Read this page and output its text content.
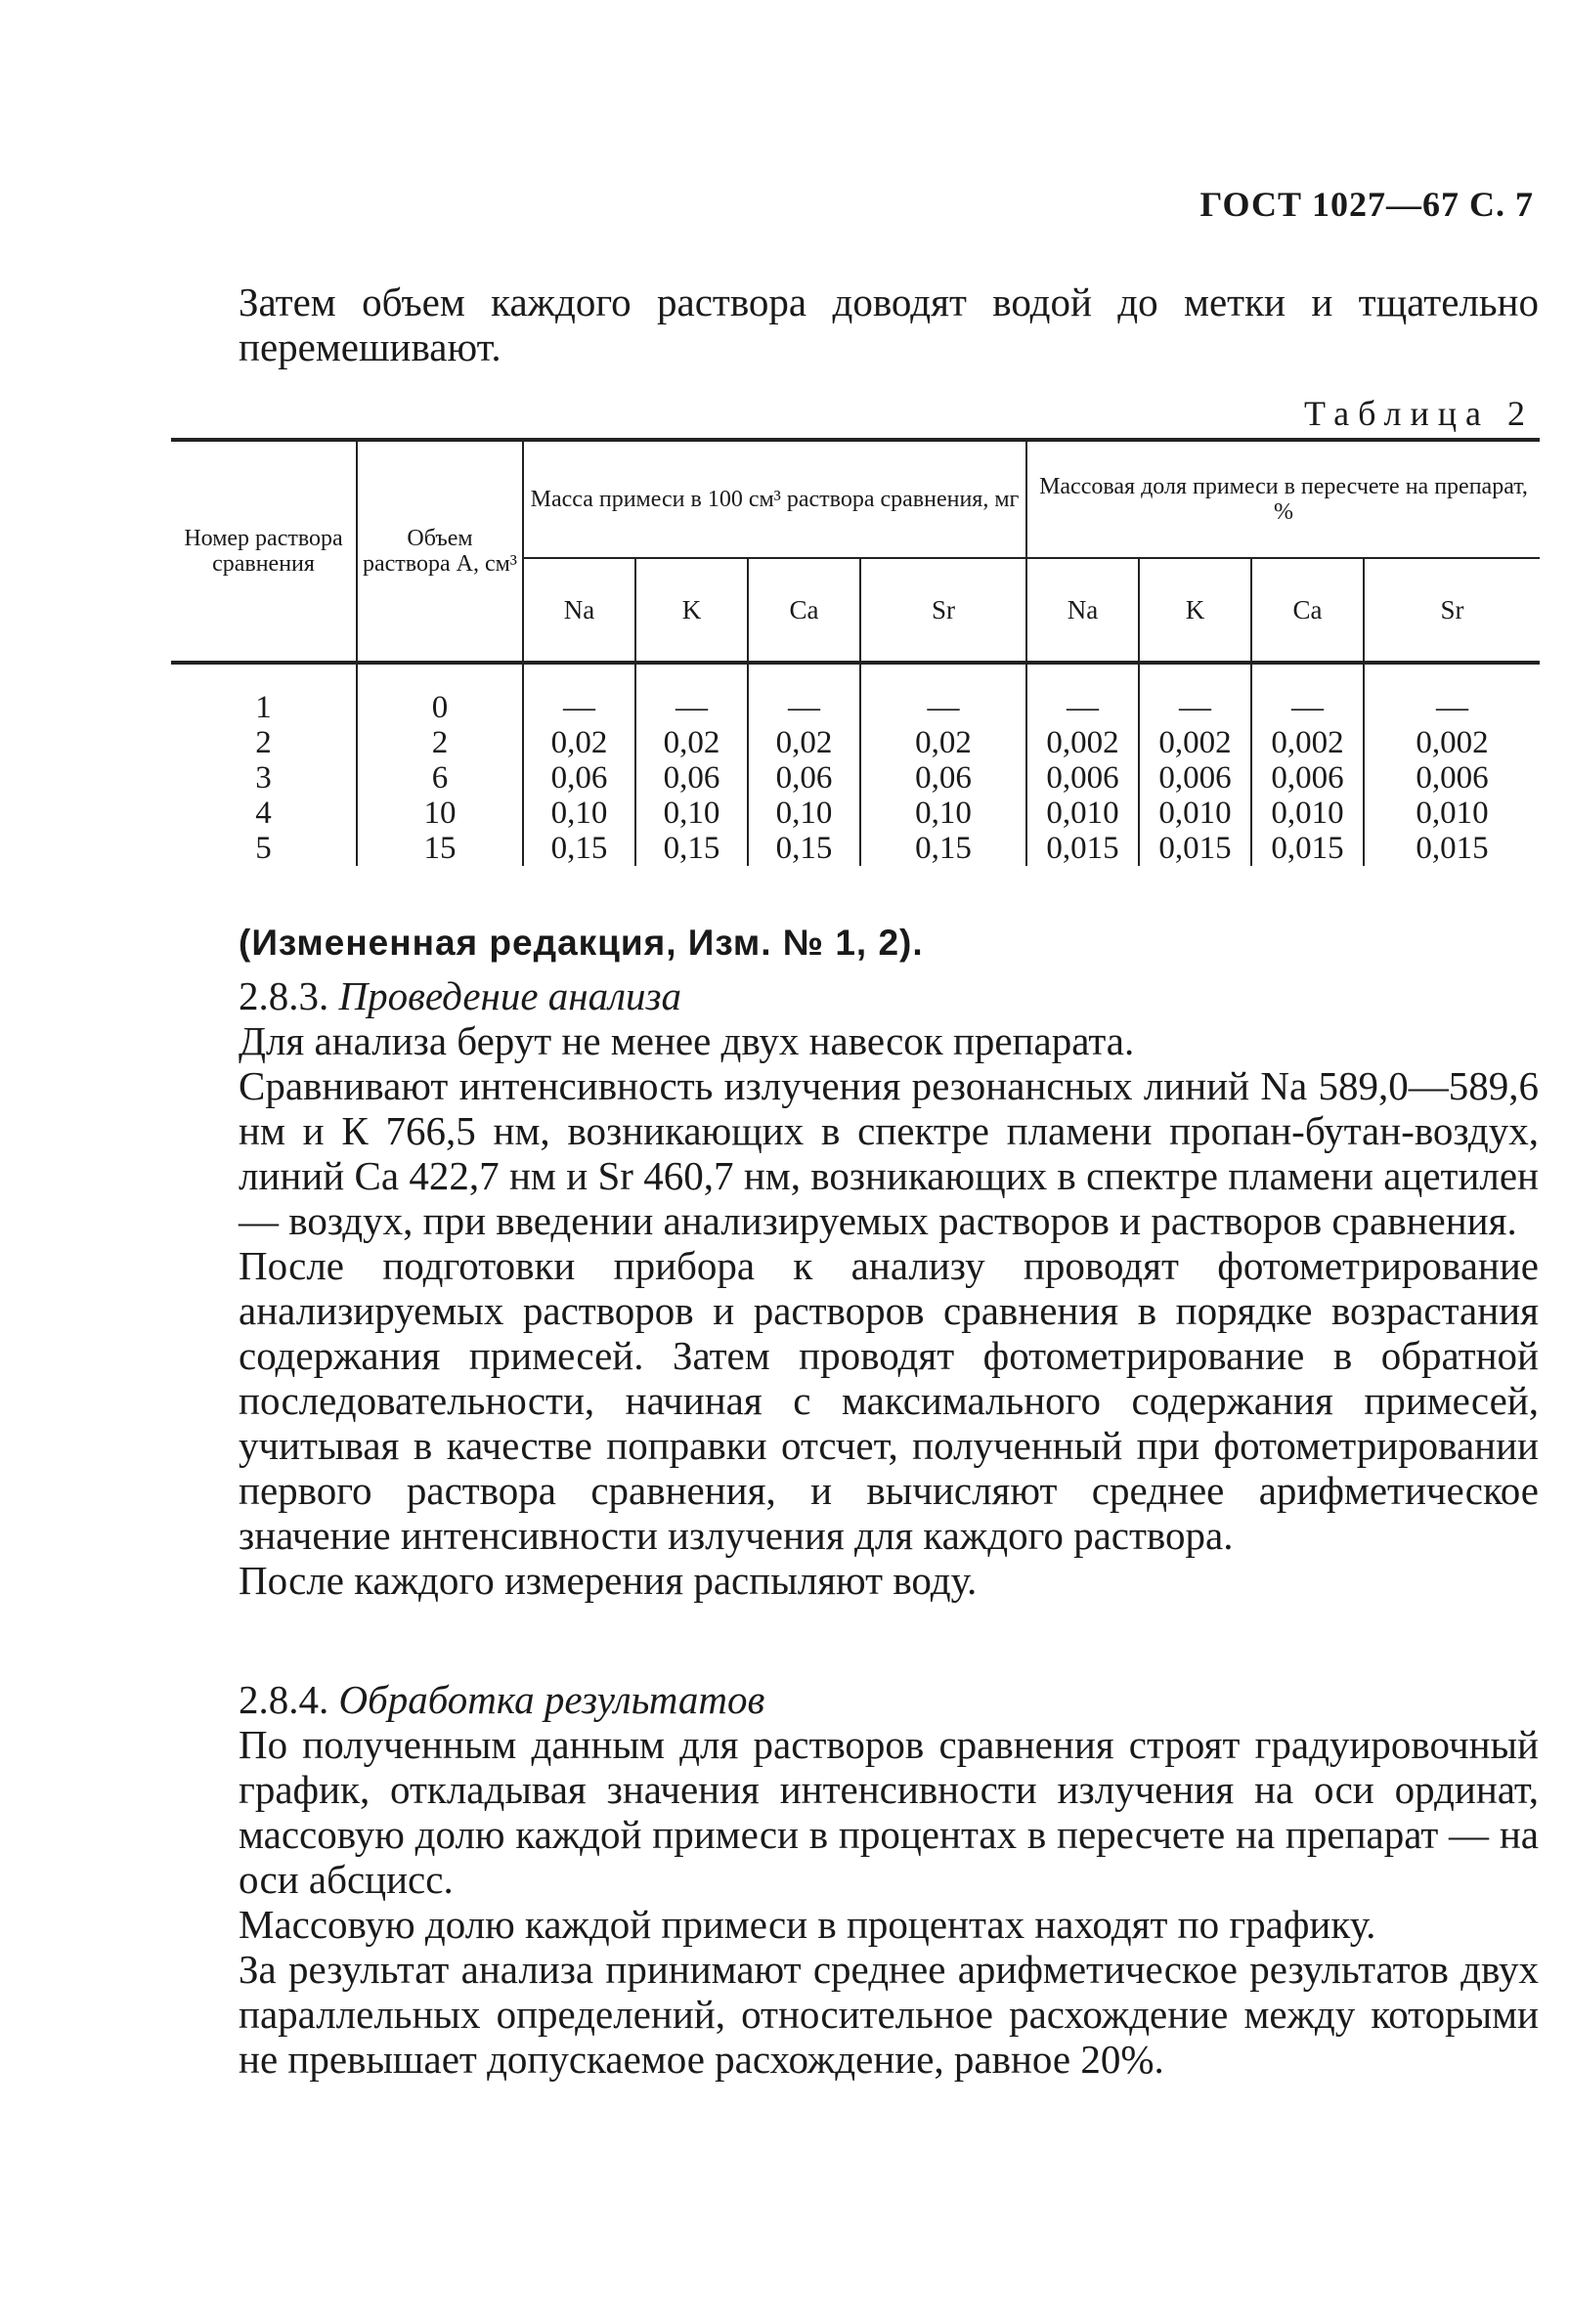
ГОСТ 1027—67 С. 7
Затем объем каждого раствора доводят водой до метки и тщательно перемешивают.
Таблица 2
Номер раствора сравнения	Объем раствора А, см³	Масса примеси в 100 см³ раствора сравнения, мг				Массовая доля примеси в пересчете на препарат, %			
		Na	K	Ca	Sr	Na	K	Ca	Sr
1	0	—	—	—	—	—	—	—	—
2	2	0,02	0,02	0,02	0,02	0,002	0,002	0,002	0,002
3	6	0,06	0,06	0,06	0,06	0,006	0,006	0,006	0,006
4	10	0,10	0,10	0,10	0,10	0,010	0,010	0,010	0,010
5	15	0,15	0,15	0,15	0,15	0,015	0,015	0,015	0,015
(Измененная редакция, Изм. № 1, 2).
2.8.3. Проведение анализа

Для анализа берут не менее двух навесок препарата.

Сравнивают интенсивность излучения резонансных линий Na 589,0—589,6 нм и К 766,5 нм, возникающих в спектре пламени пропан-бутан-воздух, линий Са 422,7 нм и Sr 460,7 нм, возникающих в спектре пламени ацетилен — воздух, при введении анализируемых растворов и растворов сравнения.

После подготовки прибора к анализу проводят фотометрирование анализируемых растворов и растворов сравнения в порядке возрастания содержания примесей. Затем проводят фотометрирование в обратной последовательности, начиная с максимального содержания примесей, учитывая в качестве поправки отсчет, полученный при фотометрировании первого раствора сравнения, и вычисляют среднее арифметическое значение интенсивности излучения для каждого раствора.

После каждого измерения распыляют воду.

2.8.4. Обработка результатов

По полученным данным для растворов сравнения строят градуировочный график, откладывая значения интенсивности излучения на оси ординат, массовую долю каждой примеси в процентах в пересчете на препарат — на оси абсцисс.

Массовую долю каждой примеси в процентах находят по графику.

За результат анализа принимают среднее арифметическое результатов двух параллельных определений, относительное расхождение между которыми не превышает допускаемое расхождение, равное 20%.
